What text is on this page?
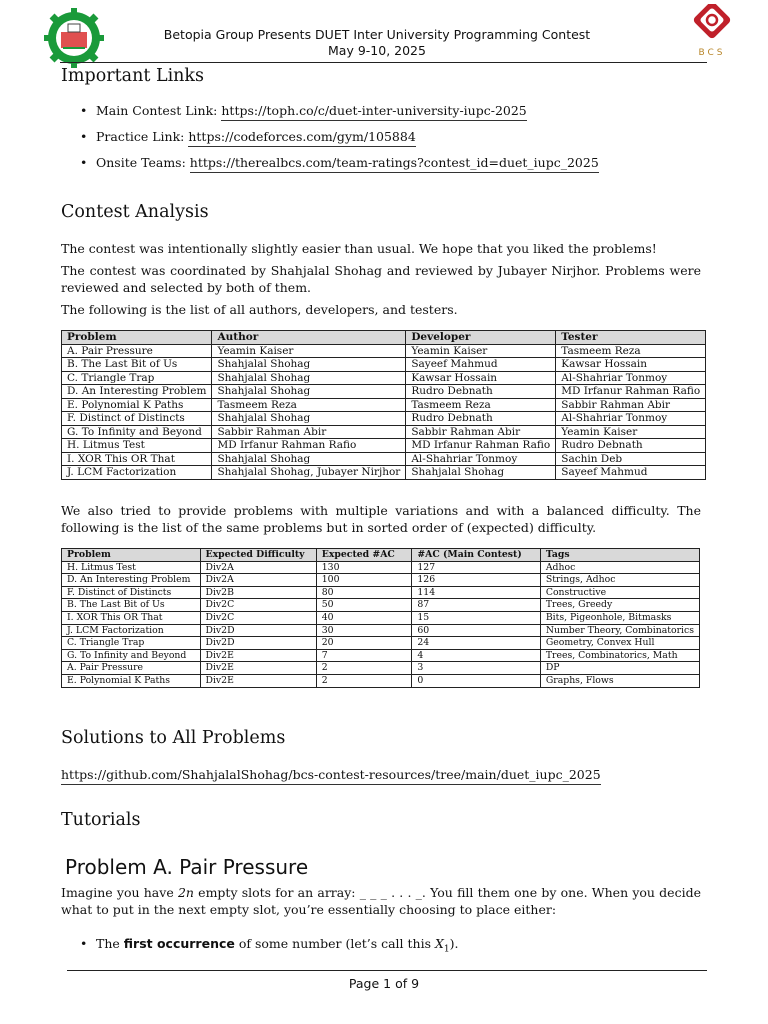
Betopia Group Presents DUET Inter University Programming Contest
May 9-10, 2025	BCS
Important Links
• Main Contest Link: https://toph.co/c/duet-inter-university-iupc-2025
• Practice Link: https://codeforces.com/gym/105884
• Onsite Teams: https://therealbcs.com/team-ratings?contest_id=duet_iupc_2025
Contest Analysis
The contest was intentionally slightly easier than usual. We hope that you liked the problems!
The contest was coordinated by Shahjalal Shohag and reviewed by Jubayer Nirjhor. Problems were reviewed and selected by both of them.
The following is the list of all authors, developers, and testers.
Problem	Author	Developer	Tester
A. Pair Pressure	Yeamin Kaiser	Yeamin Kaiser	Tasmeem Reza
B. The Last Bit of Us	Shahjalal Shohag	Sayeef Mahmud	Kawsar Hossain
C. Triangle Trap	Shahjalal Shohag	Kawsar Hossain	Al-Shahriar Tonmoy
D. An Interesting Problem	Shahjalal Shohag	Rudro Debnath	MD Irfanur Rahman Rafio
E. Polynomial K Paths	Tasmeem Reza	Tasmeem Reza	Sabbir Rahman Abir
F. Distinct of Distincts	Shahjalal Shohag	Rudro Debnath	Al-Shahriar Tonmoy
G. To Infinity and Beyond	Sabbir Rahman Abir	Sabbir Rahman Abir	Yeamin Kaiser
H. Litmus Test	MD Irfanur Rahman Rafio	MD Irfanur Rahman Rafio	Rudro Debnath
I. XOR This OR That	Shahjalal Shohag	Al-Shahriar Tonmoy	Sachin Deb
J. LCM Factorization	Shahjalal Shohag, Jubayer Nirjhor	Shahjalal Shohag	Sayeef Mahmud
We also tried to provide problems with multiple variations and with a balanced difficulty. The following is the list of the same problems but in sorted order of (expected) difficulty.
Problem	Expected Difficulty	Expected #AC	#AC (Main Contest)	Tags
H. Litmus Test	Div2A	130	127	Adhoc
D. An Interesting Problem	Div2A	100	126	Strings, Adhoc
F. Distinct of Distincts	Div2B	80	114	Constructive
B. The Last Bit of Us	Div2C	50	87	Trees, Greedy
I. XOR This OR That	Div2C	40	15	Bits, Pigeonhole, Bitmasks
J. LCM Factorization	Div2D	30	60	Number Theory, Combinatorics
C. Triangle Trap	Div2D	20	24	Geometry, Convex Hull
G. To Infinity and Beyond	Div2E	7	4	Trees, Combinatorics, Math
A. Pair Pressure	Div2E	2	3	DP
E. Polynomial K Paths	Div2E	2	0	Graphs, Flows
Solutions to All Problems
https://github.com/ShahjalalShohag/bcs-contest-resources/tree/main/duet_iupc_2025
Tutorials
Problem A. Pair Pressure
Imagine you have 2n empty slots for an array: _ _ _ . . . _. You fill them one by one. When you decide what to put in the next empty slot, you’re essentially choosing to place either:
• The first occurrence of some number (let’s call this $X_1$).
Page 1 of 9
